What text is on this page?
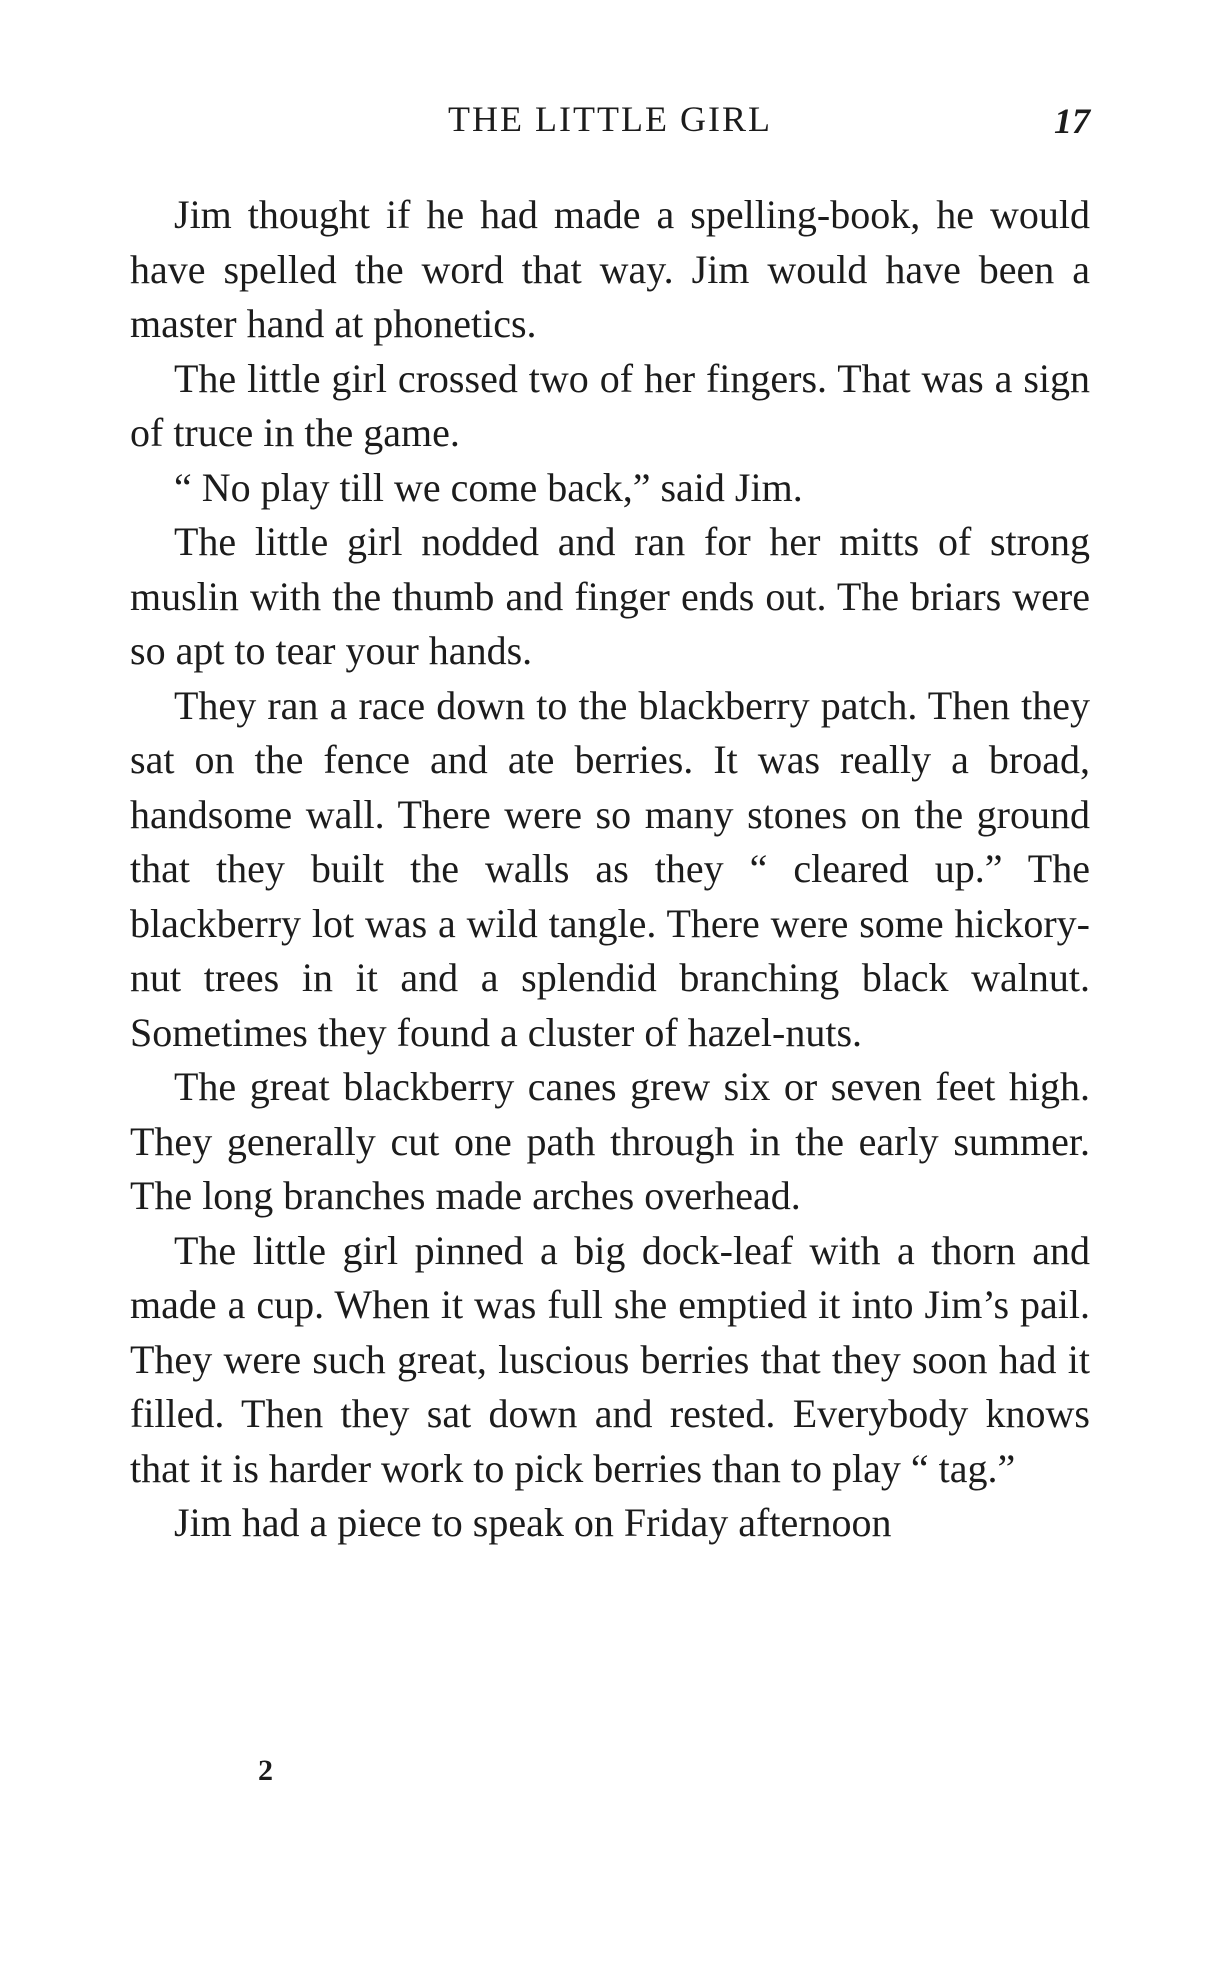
THE LITTLE GIRL	17

Jim thought if he had made a spelling-book, he would have spelled the word that way. Jim would have been a master hand at phonetics.

The little girl crossed two of her fingers. That was a sign of truce in the game.

“ No play till we come back,” said Jim.

The little girl nodded and ran for her mitts of strong muslin with the thumb and finger ends out. The briars were so apt to tear your hands.

They ran a race down to the blackberry patch. Then they sat on the fence and ate berries. It was really a broad, handsome wall. There were so many stones on the ground that they built the walls as they “ cleared up.” The blackberry lot was a wild tangle. There were some hickory-nut trees in it and a splendid branching black walnut. Sometimes they found a cluster of hazel-nuts.

The great blackberry canes grew six or seven feet high. They generally cut one path through in the early summer. The long branches made arches overhead.

The little girl pinned a big dock-leaf with a thorn and made a cup. When it was full she emptied it into Jim’s pail. They were such great, luscious berries that they soon had it filled. Then they sat down and rested. Everybody knows that it is harder work to pick berries than to play “ tag.”

Jim had a piece to speak on Friday afternoon

2
